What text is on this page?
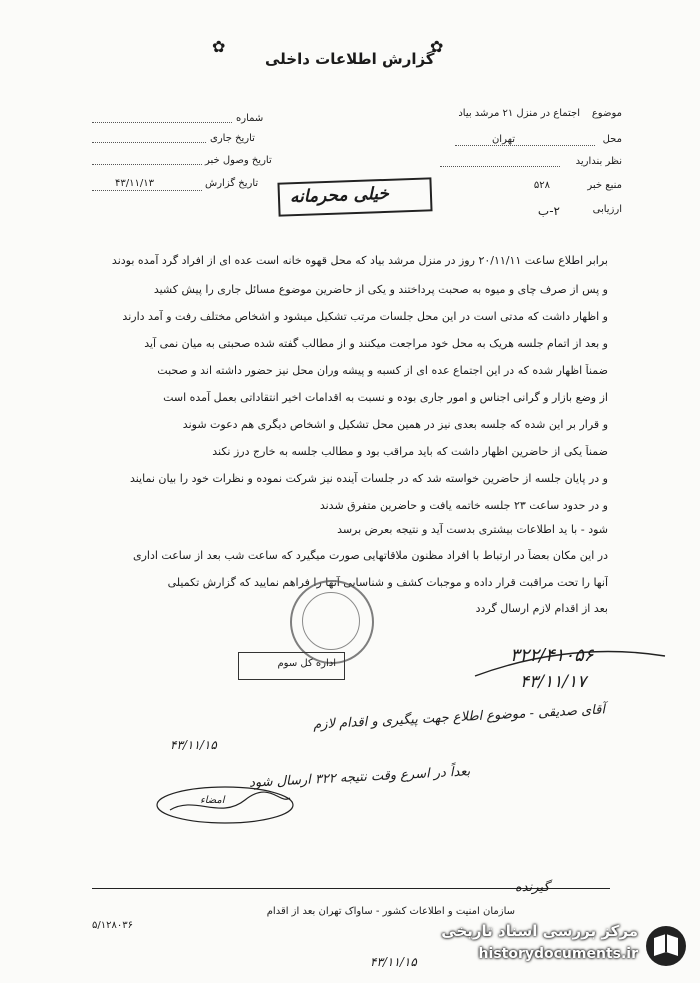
✿	✿
گزارش اطلاعات داخلی
شماره
تاریخ جاری
تاریخ وصول خبر
تاریخ گزارش
۴۳/۱۱/۱۳
موضوع
اجتماع در منزل ۲۱ مرشد بیاد
محل
تهران
نظر بندارید
منبع خبر
۵۲۸
ارزیابی
۲-ب
خیلی محرمانه
برابر اطلاع ساعت ۲۰/۱۱/۱۱ روز در منزل مرشد بیاد که محل قهوه خانه است عده ای از افراد گرد آمده بودند
و پس از صرف چای و میوه به صحبت پرداختند و یکی از حاضرین موضوع مسائل جاری را پیش کشید
و اظهار داشت که مدتی است در این محل جلسات مرتب تشکیل میشود و اشخاص مختلف رفت و آمد دارند
و بعد از اتمام جلسه هریک به محل خود مراجعت میکنند و از مطالب گفته شده صحبتی به میان نمی آید
ضمناً اظهار شده که در این اجتماع عده ای از کسبه و پیشه وران محل نیز حضور داشته اند و صحبت
از وضع بازار و گرانی اجناس و امور جاری بوده و نسبت به اقدامات اخیر انتقاداتی بعمل آمده است
و قرار بر این شده که جلسه بعدی نیز در همین محل تشکیل و اشخاص دیگری هم دعوت شوند
ضمناً یکی از حاضرین اظهار داشت که باید مراقب بود و مطالب جلسه به خارج درز نکند
و در پایان جلسه از حاضرین خواسته شد که در جلسات آینده نیز شرکت نموده و نظرات خود را بیان نمایند
و در حدود ساعت ۲۳ جلسه خاتمه یافت و حاضرین متفرق شدند
شود - با ید اطلاعات بیشتری بدست آید و نتیجه بعرض برسد
در این مکان بعضاً در ارتباط با افراد مظنون ملاقاتهایی صورت میگیرد که ساعت شب بعد از ساعت اداری
آنها را تحت مراقبت قرار داده و موجبات کشف و شناسایی آنها را فراهم نمایید که گزارش تکمیلی
بعد از اقدام لازم ارسال گردد
اداره کل سوم	۳۲۲/۴۱۰۵۶
۴۳/۱۱/۱۷
آقای صدیقی - موضوع اطلاع جهت پیگیری و اقدام لازم
۴۳/۱۱/۱۵
بعداً در اسرع وقت نتیجه ۳۲۲ ارسال شود
امضاء
گیرنده
سازمان امنیت و اطلاعات کشور - ساواک تهران بعد از اقدام
۵/۱۲۸۰۳۶
۴۳/۱۱/۱۵
مرکز بررسی اسناد تاریخی
historydocuments.ir
